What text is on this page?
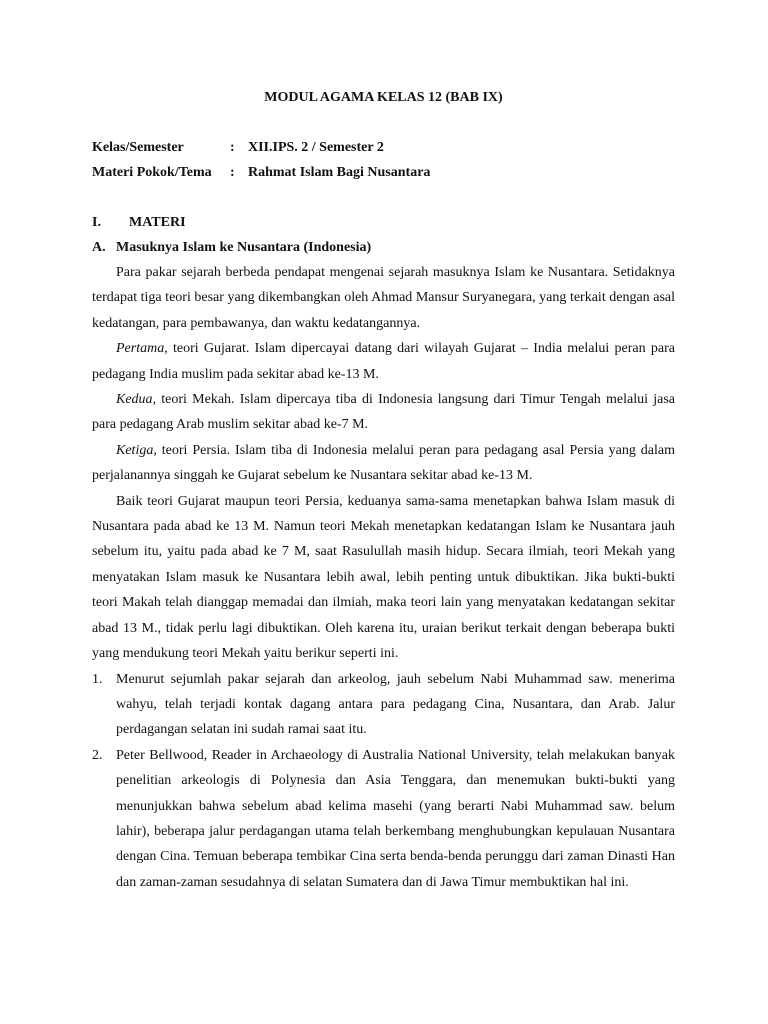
MODUL AGAMA KELAS 12 (BAB IX)
Kelas/Semester	: XII.IPS. 2 / Semester 2
Materi Pokok/Tema	: Rahmat Islam Bagi Nusantara
I.	MATERI
A. Masuknya Islam ke Nusantara (Indonesia)

Para pakar sejarah berbeda pendapat mengenai sejarah masuknya Islam ke Nusantara. Setidaknya terdapat tiga teori besar yang dikembangkan oleh Ahmad Mansur Suryanegara, yang terkait dengan asal kedatangan, para pembawanya, dan waktu kedatangannya.

Pertama, teori Gujarat. Islam dipercayai datang dari wilayah Gujarat – India melalui peran para pedagang India muslim pada sekitar abad ke-13 M.

Kedua, teori Mekah. Islam dipercaya tiba di Indonesia langsung dari Timur Tengah melalui jasa para pedagang Arab muslim sekitar abad ke-7 M.

Ketiga, teori Persia. Islam tiba di Indonesia melalui peran para pedagang asal Persia yang dalam perjalanannya singgah ke Gujarat sebelum ke Nusantara sekitar abad ke-13 M.

Baik teori Gujarat maupun teori Persia, keduanya sama-sama menetapkan bahwa Islam masuk di Nusantara pada abad ke 13 M. Namun teori Mekah menetapkan kedatangan Islam ke Nusantara jauh sebelum itu, yaitu pada abad ke 7 M, saat Rasulullah masih hidup. Secara ilmiah, teori Mekah yang menyatakan Islam masuk ke Nusantara lebih awal, lebih penting untuk dibuktikan. Jika bukti-bukti teori Makah telah dianggap memadai dan ilmiah, maka teori lain yang menyatakan kedatangan sekitar abad 13 M., tidak perlu lagi dibuktikan. Oleh karena itu, uraian berikut terkait dengan beberapa bukti yang mendukung teori Mekah yaitu berikur seperti ini.

1. Menurut sejumlah pakar sejarah dan arkeolog, jauh sebelum Nabi Muhammad saw. menerima wahyu, telah terjadi kontak dagang antara para pedagang Cina, Nusantara, dan Arab. Jalur perdagangan selatan ini sudah ramai saat itu.
2. Peter Bellwood, Reader in Archaeology di Australia National University, telah melakukan banyak penelitian arkeologis di Polynesia dan Asia Tenggara, dan menemukan bukti-bukti yang menunjukkan bahwa sebelum abad kelima masehi (yang berarti Nabi Muhammad saw. belum lahir), beberapa jalur perdagangan utama telah berkembang menghubungkan kepulauan Nusantara dengan Cina. Temuan beberapa tembikar Cina serta benda-benda perunggu dari zaman Dinasti Han dan zaman-zaman sesudahnya di selatan Sumatera dan di Jawa Timur membuktikan hal ini.
